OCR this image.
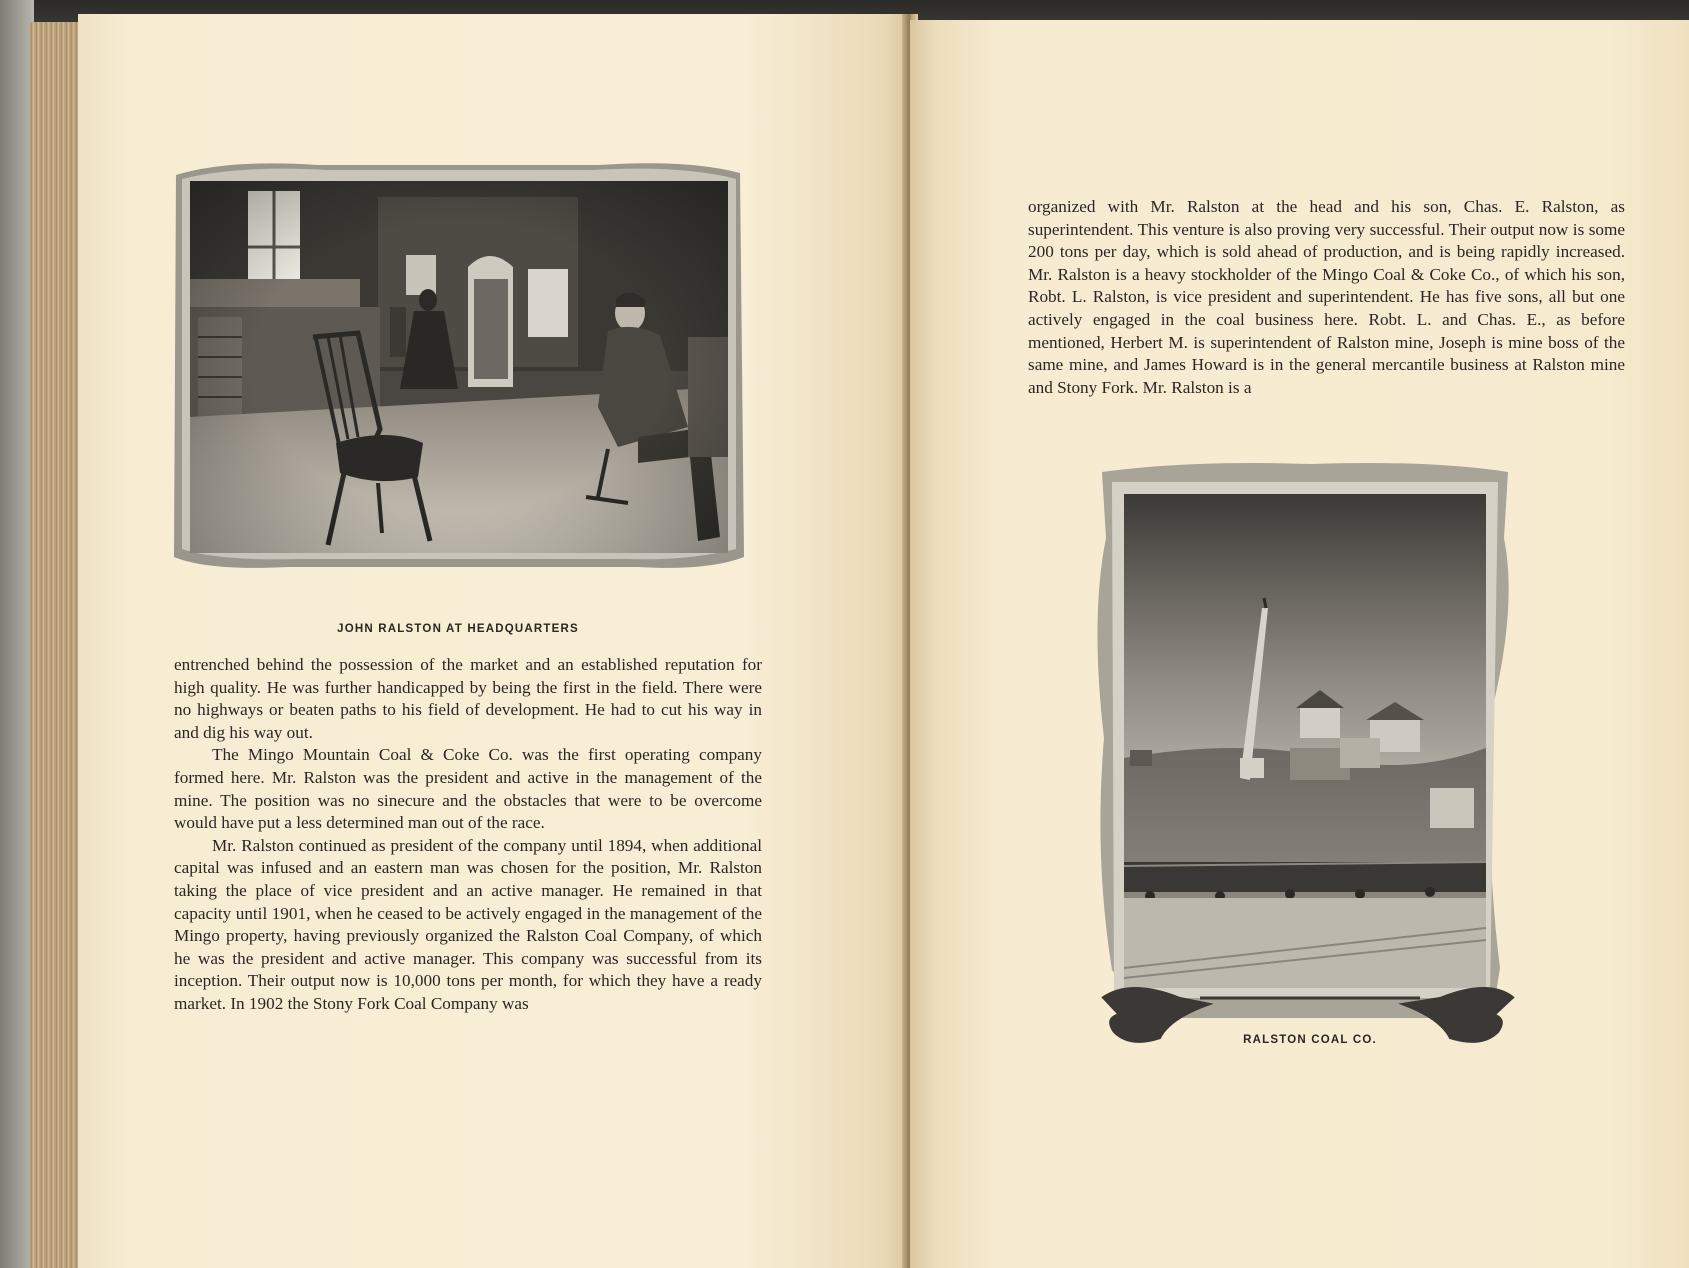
JOHN RALSTON AT HEADQUARTERS

entrenched behind the possession of the market and an established reputation for high quality. He was further handicapped by being the first in the field. There were no highways or beaten paths to his field of development. He had to cut his way in and dig his way out.

The Mingo Mountain Coal & Coke Co. was the first operating company formed here. Mr. Ralston was the president and active in the management of the mine. The position was no sinecure and the obstacles that were to be overcome would have put a less determined man out of the race.

Mr. Ralston continued as president of the company until 1894, when additional capital was infused and an eastern man was chosen for the position, Mr. Ralston taking the place of vice president and an active manager. He remained in that capacity until 1901, when he ceased to be actively engaged in the management of the Mingo property, having previously organized the Ralston Coal Company, of which he was the president and active manager. This company was successful from its inception. Their output now is 10,000 tons per month, for which they have a ready market. In 1902 the Stony Fork Coal Company was

organized with Mr. Ralston at the head and his son, Chas. E. Ralston, as superintendent. This venture is also proving very successful. Their output now is some 200 tons per day, which is sold ahead of production, and is being rapidly increased. Mr. Ralston is a heavy stockholder of the Mingo Coal & Coke Co., of which his son, Robt. L. Ralston, is vice president and superintendent. He has five sons, all but one actively engaged in the coal business here. Robt. L. and Chas. E., as before mentioned, Herbert M. is superintendent of Ralston mine, Joseph is mine boss of the same mine, and James Howard is in the general mercantile business at Ralston mine and Stony Fork. Mr. Ralston is a

RALSTON COAL CO.
